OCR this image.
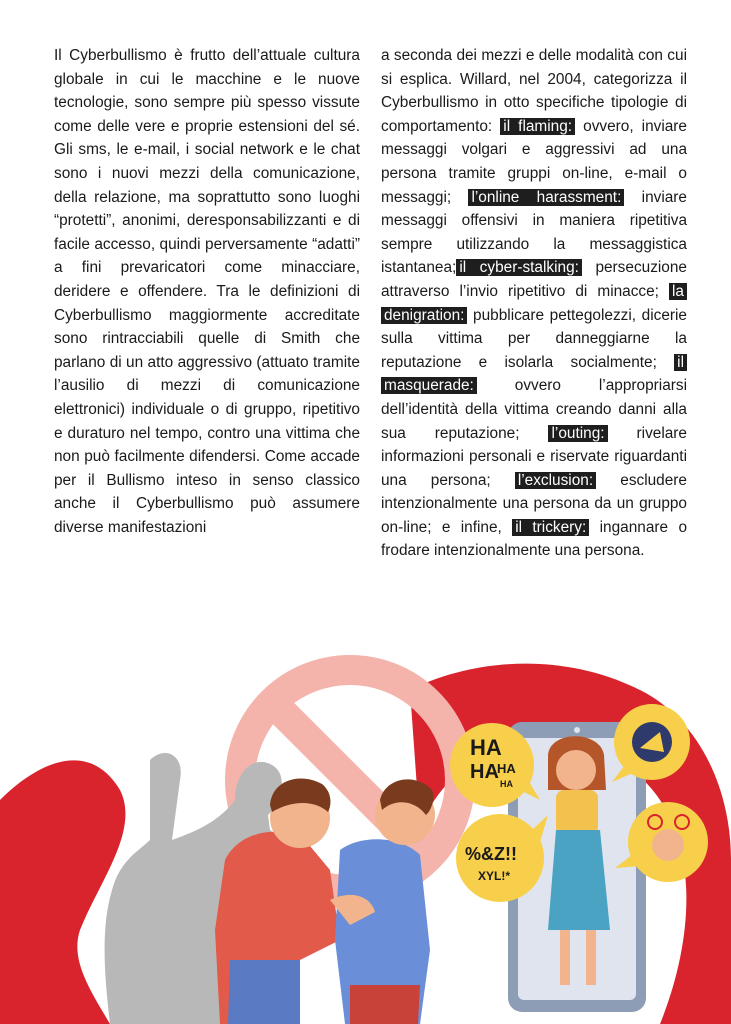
Il Cyberbullismo è frutto dell’attuale cultura globale in cui le macchine e le nuove tecnologie, sono sempre più spesso vissute come delle vere e proprie estensioni del sé. Gli sms, le e-mail, i social network e le chat sono i nuovi mezzi della comunicazione, della relazione, ma soprattutto sono luoghi “protetti”, anonimi, deresponsabilizzanti e di facile accesso, quindi perversamente “adatti” a fini prevaricatori come minacciare, deridere e offendere. Tra le definizioni di Cyberbullismo maggiormente accreditate sono rintracciabili quelle di Smith che parlano di un atto aggressivo (attuato tramite l’ausilio di mezzi di comunicazione elettronici) individuale o di gruppo, ripetitivo e duraturo nel tempo, contro una vittima che non può facilmente difendersi. Come accade per il Bullismo inteso in senso classico anche il Cyberbullismo può assumere diverse manifestazioni

a seconda dei mezzi e delle modalità con cui si esplica. Willard, nel 2004, categorizza il Cyberbullismo in otto specifiche tipologie di comportamento: il flaming: ovvero, inviare messaggi volgari e aggressivi ad una persona tramite gruppi on-line, e-mail o messaggi; l’online harassment: inviare messaggi offensivi in maniera ripetitiva sempre utilizzando la messaggistica istantanea; il cyber-stalking: persecuzione attraverso l’invio ripetitivo di minacce; la denigration: pubblicare pettegolezzi, dicerie sulla vittima per danneggiarne la reputazione e isolarla socialmente; il masquerade: ovvero l’appropriarsi dell’identità della vittima creando danni alla sua reputazione; l’outing: rivelare informazioni personali e riservate riguardanti una persona; l’exclusion: escludere intenzionalmente una persona da un gruppo on-line; e infine, il trickery: ingannare o frodare intenzionalmente una persona.

HA
HA
HA
HA
%&Z!!
XYL!*
